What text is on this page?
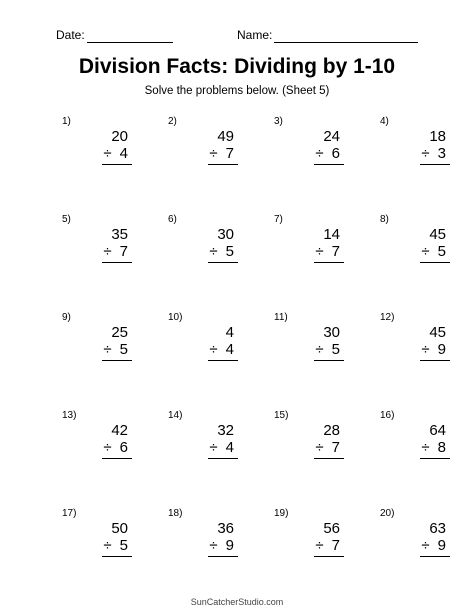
Date:	Name:
Division Facts: Dividing by 1-10
Solve the problems below. (Sheet 5)
1)
20
÷ 4
2)
49
÷ 7
3)
24
÷ 6
4)
18
÷ 3
5)
35
÷ 7
6)
30
÷ 5
7)
14
÷ 7
8)
45
÷ 5
9)
25
÷ 5
10)
4
÷ 4
11)
30
÷ 5
12)
45
÷ 9
13)
42
÷ 6
14)
32
÷ 4
15)
28
÷ 7
16)
64
÷ 8
17)
50
÷ 5
18)
36
÷ 9
19)
56
÷ 7
20)
63
÷ 9
SunCatcherStudio.com
